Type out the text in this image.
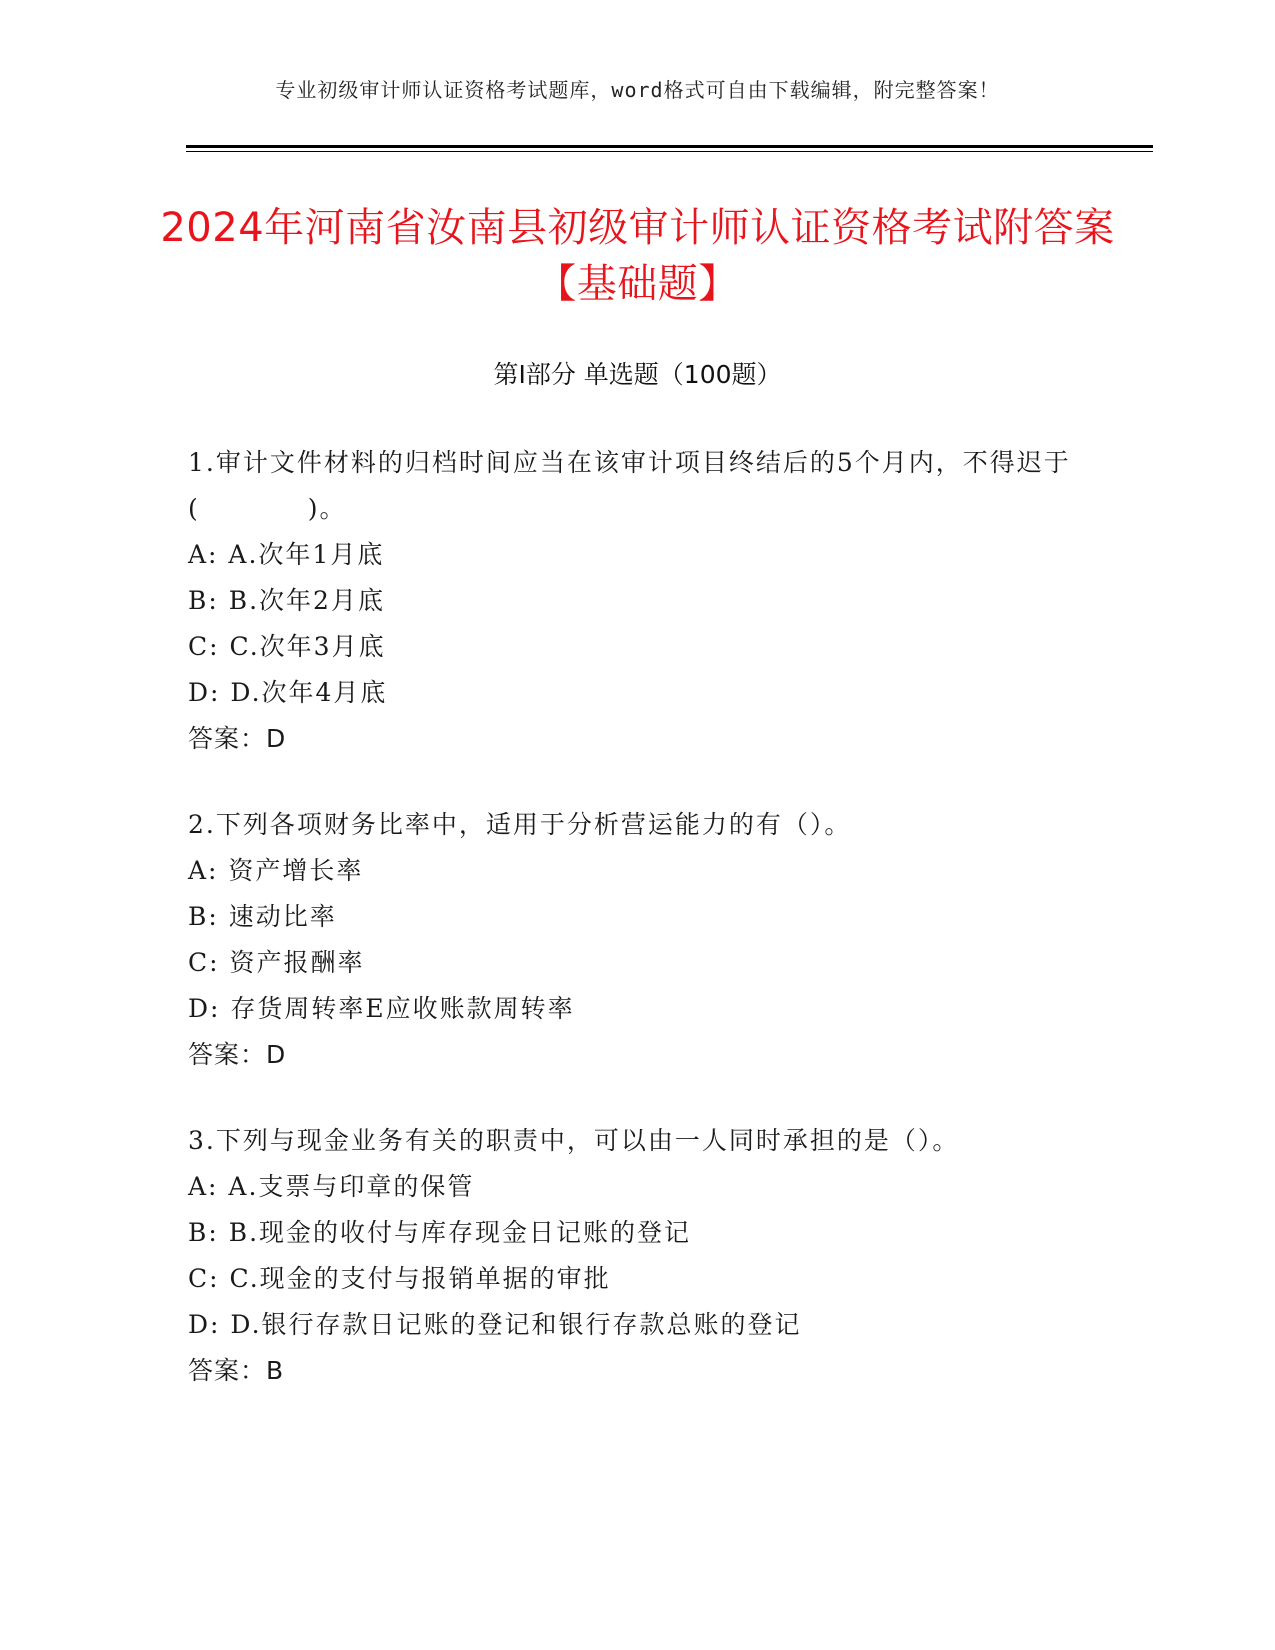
专业初级审计师认证资格考试题库，word格式可自由下载编辑，附完整答案！
2024年河南省汝南县初级审计师认证资格考试附答案【基础题】
第I部分 单选题（100题）
1.审计文件材料的归档时间应当在该审计项目终结后的5个月内，不得迟于(　　　　)。
A: A.次年1月底
B: B.次年2月底
C: C.次年3月底
D: D.次年4月底
答案：D
2.下列各项财务比率中，适用于分析营运能力的有（）。
A: 资产增长率
B: 速动比率
C: 资产报酬率
D: 存货周转率E应收账款周转率
答案：D
3.下列与现金业务有关的职责中，可以由一人同时承担的是（）。
A: A.支票与印章的保管
B: B.现金的收付与库存现金日记账的登记
C: C.现金的支付与报销单据的审批
D: D.银行存款日记账的登记和银行存款总账的登记
答案：B
